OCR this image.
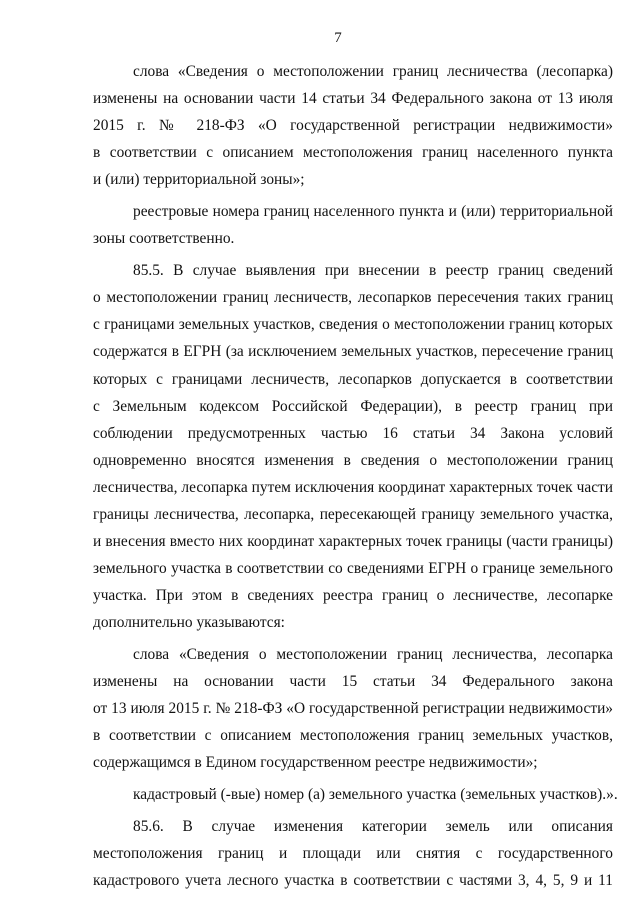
7
слова «Сведения о местоположении границ лесничества (лесопарка)
изменены на основании части 14 статьи 34 Федерального закона от 13 июля
2015 г. № 218-ФЗ «О государственной регистрации недвижимости»
в соответствии с описанием местоположения границ населенного пункта
и (или) территориальной зоны»;
реестровые номера границ населенного пункта и (или) территориальной
зоны соответственно.
85.5. В случае выявления при внесении в реестр границ сведений
о местоположении границ лесничеств, лесопарков пересечения таких границ
с границами земельных участков, сведения о местоположении границ которых
содержатся в ЕГРН (за исключением земельных участков, пересечение границ
которых с границами лесничеств, лесопарков допускается в соответствии
с Земельным кодексом Российской Федерации), в реестр границ при
соблюдении предусмотренных частью 16 статьи 34 Закона условий
одновременно вносятся изменения в сведения о местоположении границ
лесничества, лесопарка путем исключения координат характерных точек части
границы лесничества, лесопарка, пересекающей границу земельного участка,
и внесения вместо них координат характерных точек границы (части границы)
земельного участка в соответствии со сведениями ЕГРН о границе земельного
участка. При этом в сведениях реестра границ о лесничестве, лесопарке
дополнительно указываются:
слова «Сведения о местоположении границ лесничества, лесопарка
изменены на основании части 15 статьи 34 Федерального закона
от 13 июля 2015 г. № 218-ФЗ «О государственной регистрации недвижимости»
в соответствии с описанием местоположения границ земельных участков,
содержащимся в Едином государственном реестре недвижимости»;
кадастровый (-вые) номер (а) земельного участка (земельных участков).».
85.6. В случае изменения категории земель или описания
местоположения границ и площади или снятия с государственного
кадастрового учета лесного участка в соответствии с частями 3, 4, 5, 9 и 11
